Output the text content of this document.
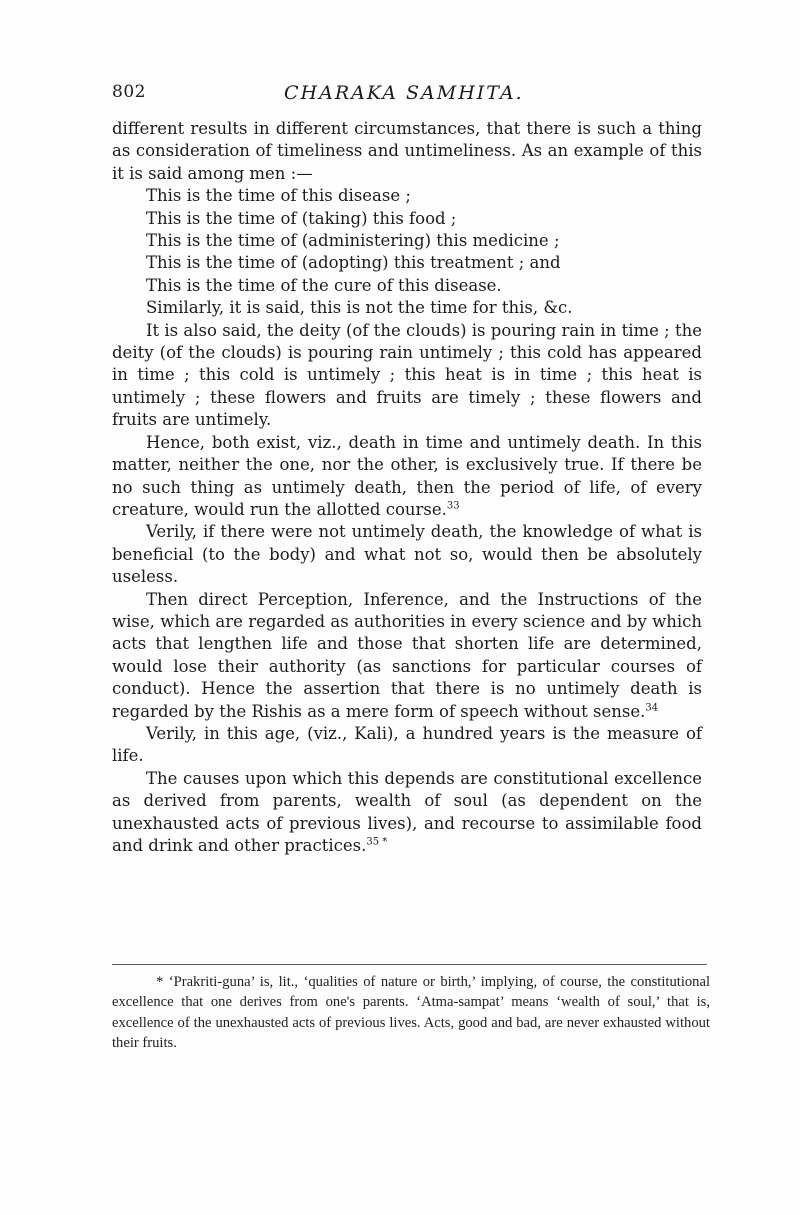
802	CHARAKA SAMHITA.

different results in different circumstances, that there is such a thing as consideration of timeliness and untimeliness. As an example of this it is said among men :—

This is the time of this disease ;

This is the time of (taking) this food ;

This is the time of (administering) this medicine ;

This is the time of (adopting) this treatment ; and

This is the time of the cure of this disease.

Similarly, it is said, this is not the time for this, &c.

It is also said, the deity (of the clouds) is pouring rain in time ; the deity (of the clouds) is pouring rain untimely ; this cold has appeared in time ; this cold is untimely ; this heat is in time ; this heat is untimely ; these flowers and fruits are timely ; these flowers and fruits are untimely.

Hence, both exist, viz., death in time and untimely death. In this matter, neither the one, nor the other, is exclusively true. If there be no such thing as untimely death, then the period of life, of every creature, would run the allotted course.$^{33}$

Verily, if there were not untimely death, the knowledge of what is beneficial (to the body) and what not so, would then be absolutely useless.

Then direct Perception, Inference, and the Instructions of the wise, which are regarded as authorities in every science and by which acts that lengthen life and those that shorten life are determined, would lose their authority (as sanctions for particular courses of conduct). Hence the assertion that there is no untimely death is regarded by the Rishis as a mere form of speech without sense.$^{34}$

Verily, in this age, (viz., Kali), a hundred years is the measure of life.

The causes upon which this depends are constitutional excellence as derived from parents, wealth of soul (as dependent on the unexhausted acts of previous lives), and recourse to assimilable food and drink and other practices.$^{35 *}$

* ‘Prakriti-guna’ is, lit., ‘qualities of nature or birth,’ implying, of course, the constitutional excellence that one derives from one's parents. ‘Atma-sampat’ means ‘wealth of soul,’ that is, excellence of the unexhausted acts of previous lives. Acts, good and bad, are never exhausted without their fruits.
